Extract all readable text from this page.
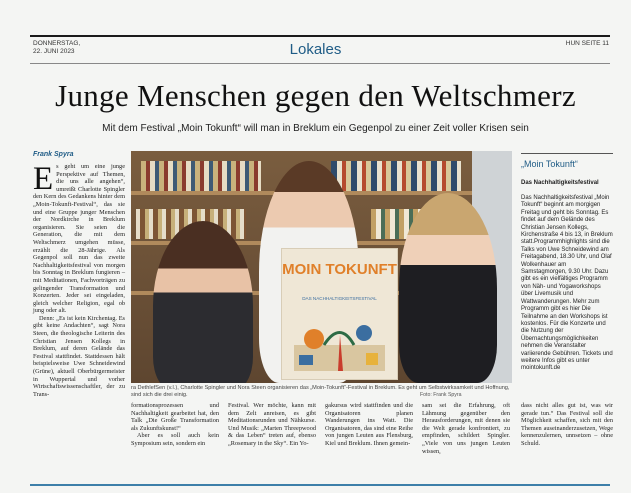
DONNERSTAG,
22. JUNI 2023	Lokales	HUN SEITE 11
Junge Menschen gegen den Weltschmerz
Mit dem Festival „Moin Tokunft“ will man in Breklum ein Gegenpol zu einer Zeit voller Krisen sein
Frank Spyra
E s geht um eine junge Perspektive auf Themen, die uns alle angehen“, umreißt Charlotte Spingler den Kern des Gedankens hinter dem „Moin-Tokunft-Festival“, das sie und eine Gruppe junger Menschen der Nordkirche in Breklum organisieren. Sie seien die Generation, die mit dem Weltschmerz umgehen müsse, erzählt die 28-Jährige. Als Gegenpol soll nun das zweite Nachhaltigkeitsfestival von morgen bis Sonntag in Breklum fungieren – mit Meditationen, Fachvorträgen zu gelingender Transformation und Konzerten. Jeder sei eingeladen, gleich welcher Religion, egal ob jung oder alt.

Denn: „Es ist kein Kirchentag. Es gibt keine Andachten“, sagt Nora Steen, die theologische Leiterin des Christian Jensen Kollegs in Breklum, auf deren Gelände das Festival stattfindet. Stattdessen hält beispielsweise Uwe Schneidewind (Grüne), aktuell Oberbürgermeister in Wuppertal und vorher Wirtschaftswissenschaftler, der zu Trans-

MOIN TOKUNFT
DAS NACHHALTIGKEITSFESTIVAL
ra DethlefSen (v.l.), Charlotte Spingler und Nora Steen organisieren das „Moin-Tokunft“-Festival in Breklum. Es geht um Selbstwirksamkeit und Hoffnung, sind sich die drei einig.	Foto: Frank Spyra

formationsprozessen und Nachhaltigkeit gearbeitet hat, den Talk „Die Große Transformation als Zukunftskunst!“

Aber es soll auch kein Symposium sein, sondern ein

Festival. Wer möchte, kann mit dem Zelt anreisen, es gibt Meditationsrunden und Nähkurse. Und Musik: „Marten Threepwood & das Leben“ treten auf, ebenso „Rosemary in the Sky“. Ein Yo-
gakursus wird stattfinden und die Organisatoren planen Wanderungen ins Watt. Die Organisatoren, das sind eine Reihe von jungen Leuten aus Flensburg, Kiel und Breklum. Ihnen gemein-
sam sei die Erfahrung, oft Lähmung gegenüber den Herausforderungen, mit denen sie die Welt gerade konfrontiert, zu empfinden, schildert Spingler. „Viele von uns jungen Leuten wissen,
dass nicht alles gut ist, was wir gerade tun.“ Das Festival soll die Möglichkeit schaffen, sich mit den Themen auseinanderzusetzen, Wege kennenzulernen, unnsetzen – ohne Schuld.
„Moin Tokunft“
Das Nachhaltigkeitsfestival
Das Nachhaltigkeitsfestival „Moin Tokunft“ beginnt am morgigen Freitag und geht bis Sonntag. Es findet auf dem Gelände des Christian Jensen Kollegs, Kirchenstraße 4 bis 13, in Breklum statt.Programmhighlights sind die Talks von Uwe Schneidewind am Freitagabend, 18.30 Uhr, und Olaf Wolkenhauer am Samstagmorgen, 9.30 Uhr. Dazu gibt es ein vielfältiges Programm von Näh- und Yogaworkshops über Livemusik und Wattwanderungen. Mehr zum Programm gibt es hier Die Teilnahme an den Workshops ist kostenlos. Für die Konzerte und die Nutzung der Übernachtungsmöglichkeiten nehmen die Veranstalter variierende Gebühren. Tickets und weitere Infos gibt es unter mointokunft.de
